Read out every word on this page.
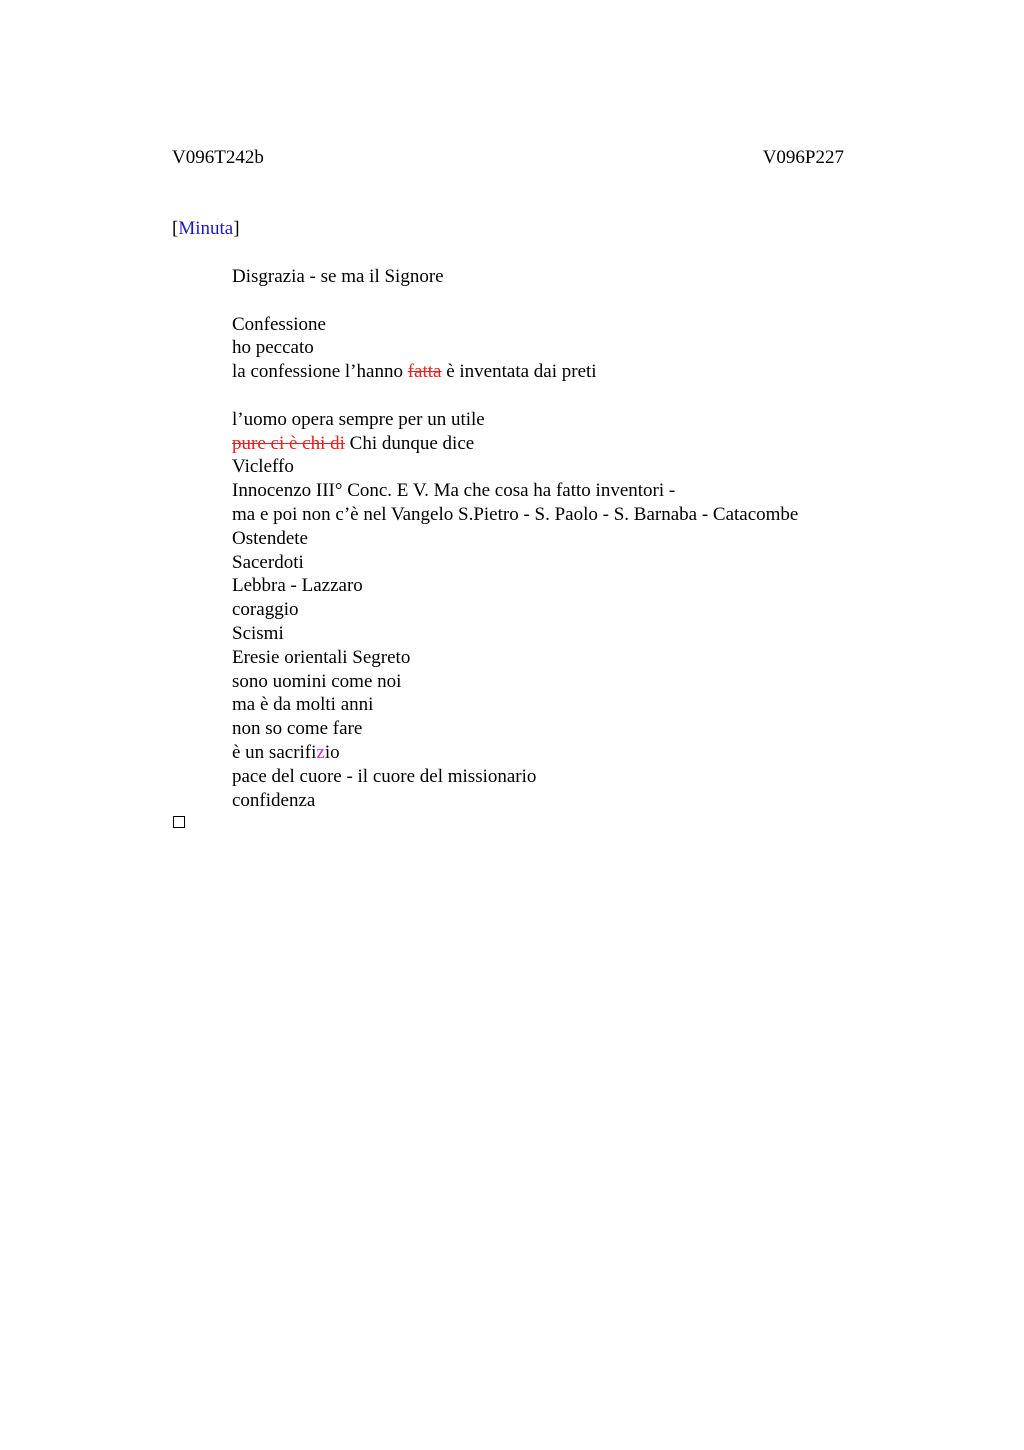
V096T242b	V096P227
[Minuta]
Disgrazia - se ma il Signore
Confessione
ho peccato
la confessione l’hanno fatta è inventata dai preti
l’uomo opera sempre per un utile
pure ci è chi di Chi dunque dice
Vicleffo
Innocenzo III° Conc. E V. Ma che cosa ha fatto inventori -
ma e poi non c’è nel Vangelo S.Pietro - S. Paolo - S. Barnaba - Catacombe
Ostendete
Sacerdoti
Lebbra - Lazzaro
coraggio
Scismi
Eresie orientali Segreto
sono uomini come noi
ma è da molti anni
non so come fare
è un sacrifizio
pace del cuore - il cuore del missionario
confidenza
